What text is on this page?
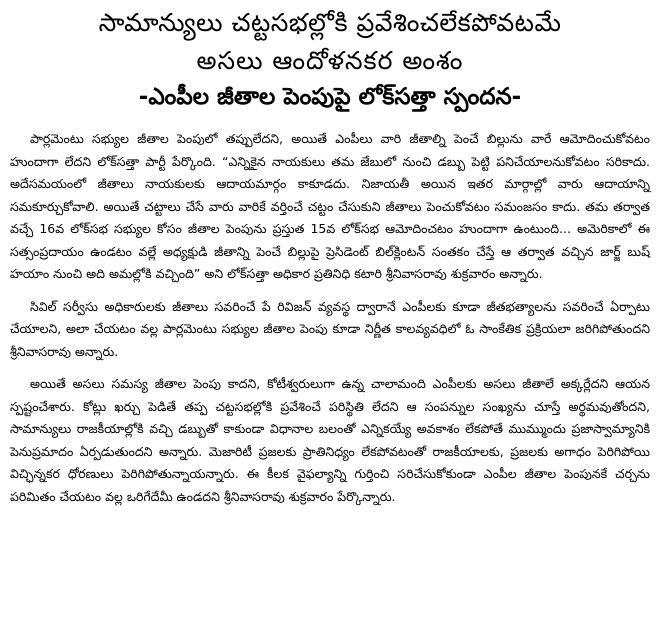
సామాన్యులు చట్టసభల్లోకి ప్రవేశించలేకపోవటమే
అసలు ఆందోళనకర అంశం
-ఎంపీల జీతాల పెంపుపై లోక్‌సత్తా స్పందన-

పార్లమెంటు సభ్యుల జీతాల పెంపులో తప్పులేదని, అయితే ఎంపీలు వారి జీతాల్ని పెంచే బిల్లును వారే ఆమోదించుకోవటం హుందాగా లేదని లోక్‌సత్తా పార్టీ పేర్కొంది. “ఎన్నికైన నాయకులు తమ జేబులో నుంచి డబ్బు పెట్టి పనిచేయాలనుకోవటం సరికాదు. అదేసమయంలో జీతాలు నాయకులకు ఆదాయమార్గం కాకూడదు. నిజాయతీ అయిన ఇతర మార్గాల్లో వారు ఆదాయాన్ని సమకూర్చుకోవాలి. అయితే చట్టాలు చేసే వారు వారికే వర్తించే చట్టం చేసుకుని జీతాలు పెంచుకోవటం సమంజసం కాదు. తమ తర్వాత వచ్చే 16వ లోక్‌సభ సభ్యుల కోసం జీతాల పెంపును ప్రస్తుత 15వ లోక్‌సభ ఆమోదించటం హుందాగా ఉంటుంది... అమెరికాలో ఈ సత్సంప్రదాయం ఉండటం వల్లే అధ్యక్షుడి జీతాన్ని పెంచే బిల్లుపై ప్రెసిడెంట్ బిల్‌క్లింటన్ సంతకం చేస్తే ఆ తర్వాత వచ్చిన జార్జ్ బుష్ హయాం నుంచి అది అమల్లోకి వచ్చింది” అని లోక్‌సత్తా అధికార ప్రతినిధి కటారి శ్రీనివాసరావు శుక్రవారం అన్నారు.

సివిల్ సర్వీసు అధికారులకు జీతాలు సవరించే పే రివిజన్ వ్యవస్థ ద్వారానే ఎంపీలకు కూడా జీతభత్యాలను సవరించే ఏర్పాటు చేయాలని, అలా చేయటం వల్ల పార్లమెంటు సభ్యుల జీతాల పెంపు కూడా నిర్ణీత కాలవ్యవధిలో ఓ సాంకేతిక ప్రక్రియలా జరిగిపోతుందని శ్రీనివాసరావు అన్నారు.

అయితే అసలు సమస్య జీతాల పెంపు కాదని, కోటీశ్వరులుగా ఉన్న చాలామంది ఎంపీలకు అసలు జీతాలే అక్కర్లేదని ఆయన స్పష్టంచేశారు. కోట్లు ఖర్చు పెడితే తప్ప చట్టసభల్లోకి ప్రవేశించే పరిస్థితి లేదని ఆ సంపన్నుల సంఖ్యను చూస్తే అర్థమవుతోందని, సామాన్యులు రాజకీయాల్లోకి వచ్చి డబ్బుతో కాకుండా విధానాల బలంతో ఎన్నికయ్యే అవకాశం లేకపోతే ముమ్ముందు ప్రజాస్వామ్యానికి పెనుప్రమాదం ఏర్పడుతుందని అన్నారు. మెజారిటీ ప్రజలకు ప్రాతినిధ్యం లేకపోవటంతో రాజకీయాలకు, ప్రజలకు అగాధం పెరిగిపోయి విచ్ఛిన్నకర ధోరణులు పెరిగిపోతున్నాయన్నారు. ఈ కీలక వైఫల్యాన్ని గుర్తించి సరిచేసుకోకుండా ఎంపీల జీతాల పెంపునకే చర్చను పరిమితం చేయటం వల్ల ఒరిగేదేమీ ఉండదని శ్రీనివాసరావు శుక్రవారం పేర్కొన్నారు.
